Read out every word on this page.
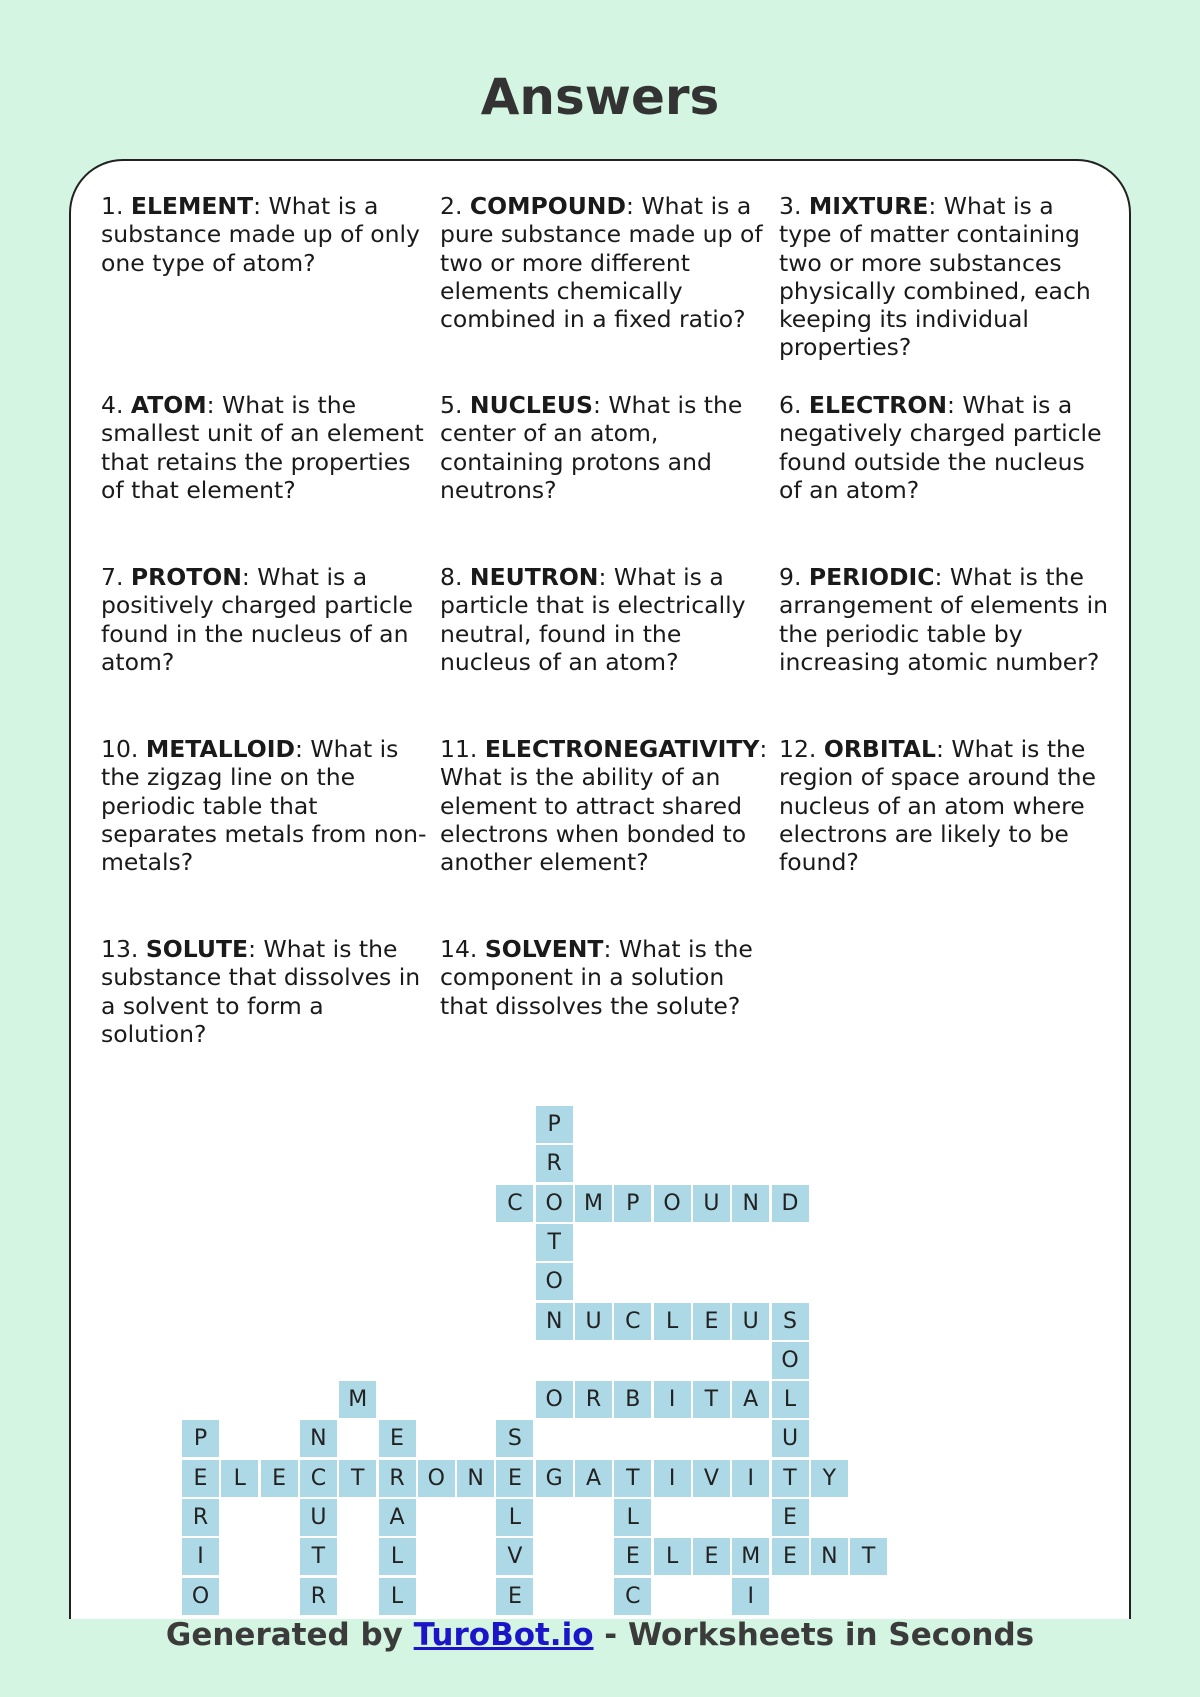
Answers
1. ELEMENT: What is a substance made up of only one type of atom?
2. COMPOUND: What is a pure substance made up of two or more different elements chemically combined in a fixed ratio?
3. MIXTURE: What is a type of matter containing two or more substances physically combined, each keeping its individual properties?
4. ATOM: What is the smallest unit of an element that retains the properties of that element?
5. NUCLEUS: What is the center of an atom, containing protons and neutrons?
6. ELECTRON: What is a negatively charged particle found outside the nucleus of an atom?
7. PROTON: What is a positively charged particle found in the nucleus of an atom?
8. NEUTRON: What is a particle that is electrically neutral, found in the nucleus of an atom?
9. PERIODIC: What is the arrangement of elements in the periodic table by increasing atomic number?
10. METALLOID: What is the zigzag line on the periodic table that separates metals from non-metals?
11. ELECTRONEGATIVITY: What is the ability of an element to attract shared electrons when bonded to another element?
12. ORBITAL: What is the region of space around the nucleus of an atom where electrons are likely to be found?
13. SOLUTE: What is the substance that dissolves in a solvent to form a solution?
14. SOLVENT: What is the component in a solution that dissolves the solute?
P
R
C	O M	P	O	U	N	D
T
O
N	U	C	L	E	U	S
O
M	O	R	B	I	T	A	L
P	N	E	S	U
E	L	E	C	T	R	O	N	E	G	A	T	I	V	I	T	Y
R	U	A	L	L	E
I	T	L	V	E	L	E	M	E	N	T
O	R	L	E	C	I
Generated by TuroBot.io - Worksheets in Seconds
